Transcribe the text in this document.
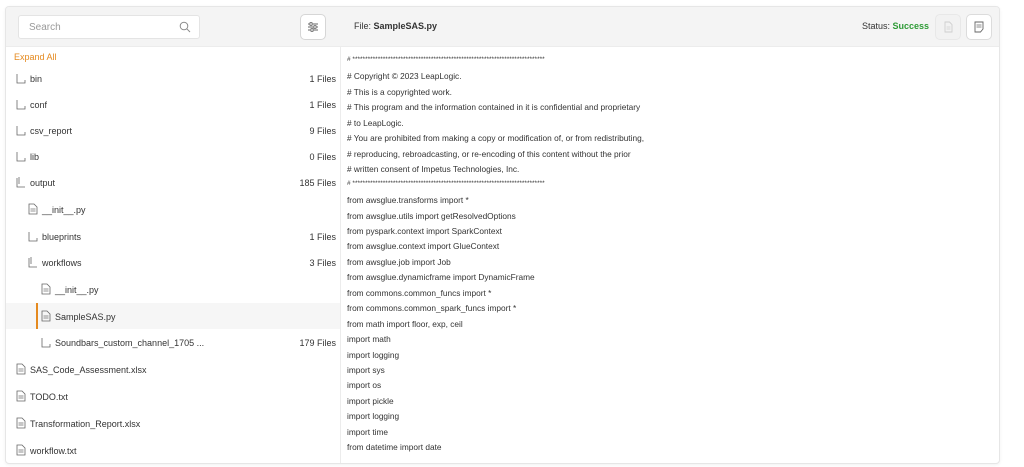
Search
File: SampleSAS.py	Status: Success
Expand All
bin	1 Files
conf	1 Files
csv_report	9 Files
lib	0 Files
output	185 Files
__init__.py
blueprints	1 Files
workflows	3 Files
__init__.py
SampleSAS.py
Soundbars_custom_channel_1705 ...	179 Files
SAS_Code_Assessment.xlsx
TODO.txt
Transformation_Report.xlsx
workflow.txt
# ****************************************************************************
# Copyright © 2023 LeapLogic.
# This is a copyrighted work.
# This program and the information contained in it is confidential and proprietary
# to LeapLogic.
# You are prohibited from making a copy or modification of, or from redistributing,
# reproducing, rebroadcasting, or re-encoding of this content without the prior
# written consent of Impetus Technologies, Inc.
# ****************************************************************************
from awsglue.transforms import *
from awsglue.utils import getResolvedOptions
from pyspark.context import SparkContext
from awsglue.context import GlueContext
from awsglue.job import Job
from awsglue.dynamicframe import DynamicFrame
from commons.common_funcs import *
from commons.common_spark_funcs import *
from math import floor, exp, ceil
import math
import logging
import sys
import os
import pickle
import logging
import time
from datetime import date
